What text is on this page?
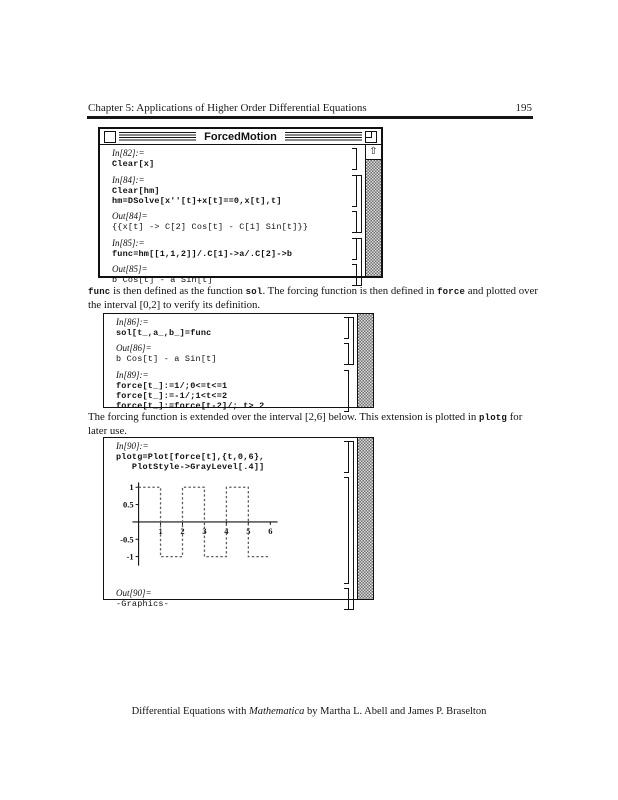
Chapter 5: Applications of Higher Order Differential Equations	195
ForcedMotion
In[82]:=
Clear[x]
In[84]:=
Clear[hm]
hm=DSolve[x''[t]+x[t]==0,x[t],t]
Out[84]=
{{x[t] -> C[2] Cos[t] - C[1] Sin[t]}}
In[85]:=
func=hm[[1,1,2]]/.C[1]->a/.C[2]->b
Out[85]=
b Cos[t] - a Sin[t]
⇧
func is then defined as the function sol. The forcing function is then defined in force and plotted over the interval [0,2] to verify its definition.
In[86]:=
sol[t_,a_,b_]=func
Out[86]=
b Cos[t] - a Sin[t]
In[89]:=
force[t_]:=1/;0<=t<=1
force[t_]:=-1/;1<t<=2
force[t_]:=force[t-2]/; t> 2
The forcing function is extended over the interval [2,6] below. This extension is plotted in plotg for later use.
In[90]:=
plotg=Plot[force[t],{t,0,6},
PlotStyle->GrayLevel[.4]]
1 2 3 4 5 6
1
0.5
-0.5
-1
Out[90]=
-Graphics-
Differential Equations with Mathematica by Martha L. Abell and James P. Braselton
